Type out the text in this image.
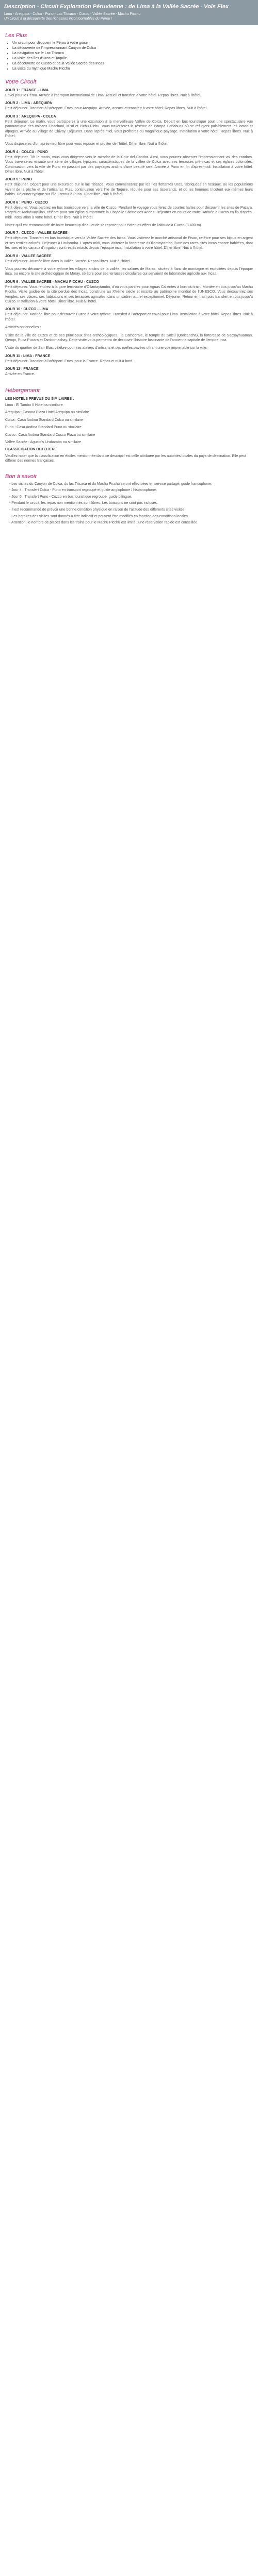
Description - Circuit Exploration Péruvienne : de Lima à la Vallée Sacrée - Vols Flex
Lima - Arequipa - Colca - Puno - Lac Titicaca - Cusco - Vallée Sacrée - Machu Picchu
Un circuit à la découverte des richesses incontournables du Pérou !
Les Plus
• Un circuit pour découvrir le Pérou à votre guise
• La découverte de l'impressionnant Canyon de Colca
• La navigation sur le Lac Titicaca
• La visite des îles d'Uros et Taquile
• La découverte de Cusco et de la Vallée Sacrée des Incas
• La visite du mythique Machu Picchu
Votre Circuit
JOUR 1 : FRANCE - LIMA

Envol pour le Pérou. Arrivée à l'aéroport international de Lima. Accueil et transfert à votre hôtel. Repas libres. Nuit à l'hôtel.

JOUR 2 : LIMA - AREQUIPA

Petit déjeuner. Transfert à l'aéroport. Envol pour Arequipa. Arrivée, accueil et transfert à votre hôtel. Repas libres. Nuit à l'hôtel.

JOUR 3 : AREQUIPA - COLCA

Petit déjeuner. Le matin, vous participerez à une excursion à la merveilleuse Vallée de Colca. Départ en bus touristique pour une spectaculaire vue panoramique des volcans Chachani, Misti et Pichu Pichu. Vous traverserez la réserve de Pampa Cañahuas où se réfugient paisiblement les lamas et alpagas. Arrivée au village de Chivay. Déjeuner. Dans l'après-midi, vous profiterez du magnifique paysage. Installation à votre hôtel. Repas libres. Nuit à l'hôtel.

Vous disposerez d'un après-midi libre pour vous reposer et profiter de l'hôtel. Dîner libre. Nuit à l'hôtel.

JOUR 4 : COLCA - PUNO

Petit déjeuner. Tôt le matin, vous vous dirigerez vers le mirador de la Cruz del Condor. Ainsi, vous pourrez observer l'impressionnant vol des condors. Vous traverserez ensuite une série de villages typiques, caractéristiques de la vallée de Colca avec ses terrasses pré-incas et ses églises coloniales. Continuation vers la ville de Puno en passant par des paysages andins d'une beauté rare. Arrivée à Puno en fin d'après-midi. Installation à votre hôtel. Dîner libre. Nuit à l'hôtel.

JOUR 5 : PUNO

Petit déjeuner. Départ pour une excursion sur le lac Titicaca. Vous commencerez par les îles flottantes Uros, fabriquées en roseaux, où les populations vivent de la pêche et de l'artisanat. Puis, continuation vers l'île de Taquile, réputée pour ses tisserands, et où les hommes tricotent eux-mêmes leurs habits. Déjeuner typique sur l'île. Retour à Puno. Dîner libre. Nuit à l'hôtel.

JOUR 6 : PUNO - CUZCO

Petit déjeuner. Vous partirez en bus touristique vers la ville de Cuzco. Pendant le voyage vous ferez de courtes haltes pour découvrir les sites de Pucara, Raqchi et Andahuaylillas, célèbre pour son église surnommée la Chapelle Sixtine des Andes. Déjeuner en cours de route. Arrivée à Cuzco en fin d'après-midi. Installation à votre hôtel. Dîner libre. Nuit à l'hôtel.

Notez qu'il est recommandé de boire beaucoup d'eau et de se reposer pour éviter les effets de l'altitude à Cuzco (3 400 m).

JOUR 7 : CUZCO - VALLEE SACREE

Petit déjeuner. Transfert en bus touristique vers la Vallée Sacrée des Incas. Vous visiterez le marché artisanal de Pisac, célèbre pour ses bijoux en argent et ses textiles colorés. Déjeuner à Urubamba. L'après-midi, vous visiterez la forteresse d'Ollantaytambo, l'une des rares cités incas encore habitées, dont les rues et les canaux d'irrigation sont restés intacts depuis l'époque inca. Installation à votre hôtel. Dîner libre. Nuit à l'hôtel.

JOUR 8 : VALLEE SACREE

Petit déjeuner. Journée libre dans la Vallée Sacrée. Repas libres. Nuit à l'hôtel.

Vous pourrez découvrir à votre rythme les villages andins de la vallée, les salines de Maras, situées à flanc de montagne et exploitées depuis l'époque inca, ou encore le site archéologique de Moray, célèbre pour ses terrasses circulaires qui servaient de laboratoire agricole aux Incas.

JOUR 9 : VALLEE SACREE - MACHU PICCHU - CUZCO

Petit déjeuner. Vous rendrez à la gare ferroviaire d'Ollantaytambo, d'où vous partirez pour Aguas Calientes à bord du train. Montée en bus jusqu'au Machu Picchu. Visite guidée de la cité perdue des Incas, construite au XVème siècle et inscrite au patrimoine mondial de l'UNESCO. Vous découvrirez ses temples, ses places, ses habitations et ses terrasses agricoles, dans un cadre naturel exceptionnel. Déjeuner. Retour en train puis transfert en bus jusqu'à Cuzco. Installation à votre hôtel. Dîner libre. Nuit à l'hôtel.

JOUR 10 : CUZCO - LIMA

Petit déjeuner. Matinée libre pour découvrir Cuzco à votre rythme. Transfert à l'aéroport et envol pour Lima. Installation à votre hôtel. Repas libres. Nuit à l'hôtel.

Activités optionnelles :

Visite de la ville de Cuzco et de ses principaux sites archéologiques : la Cathédrale, le temple du Soleil (Qoricancha), la forteresse de Sacsayhuaman, Qenqo, Puca Pucara et Tambomachay. Cette visite vous permettra de découvrir l'histoire fascinante de l'ancienne capitale de l'empire Inca.

Visite du quartier de San Blas, célèbre pour ses ateliers d'artisans et ses ruelles pavées offrant une vue imprenable sur la ville.

JOUR 11 : LIMA - FRANCE

Petit déjeuner. Transfert à l'aéroport. Envol pour la France. Repas et nuit à bord.

JOUR 12 : FRANCE

Arrivée en France.

Hébergement

LES HOTELS PREVUS OU SIMILAIRES :

Lima : El Tambo II Hotel ou similaire

Arequipa : Casona Plaza Hotel Arequipa ou similaire

Colca : Casa Andina Standard Colca ou similaire

Puno : Casa Andina Standard Puno ou similaire

Cuzco : Casa Andina Standard Cusco Plaza ou similaire

Vallée Sacrée : Agusto's Urubamba ou similaire

CLASSIFICATION HOTELIERE

Veuillez noter que la classification en étoiles mentionnée dans ce descriptif est celle attribuée par les autorités locales du pays de destination. Elle peut différer des normes françaises.

Bon à savoir
- Les visites du Canyon de Colca, du lac Titicaca et du Machu Picchu seront effectuées en service partagé, guide francophone.
- Jour 4 : Transfert Colca - Puno en transport regroupé et guide anglophone / hispanophone.
- Jour 6 : Transfert Puno - Cuzco en bus touristique regroupé, guide bilingue.
- Pendant le circuit, les repas non mentionnés sont libres. Les boissons ne sont pas incluses.
- Il est recommandé de prévoir une bonne condition physique en raison de l'altitude des différents sites visités.
- Les horaires des visites sont donnés à titre indicatif et peuvent être modifiés en fonction des conditions locales.
- Attention, le nombre de places dans les trains pour le Machu Picchu est limité ; une réservation rapide est conseillée.
